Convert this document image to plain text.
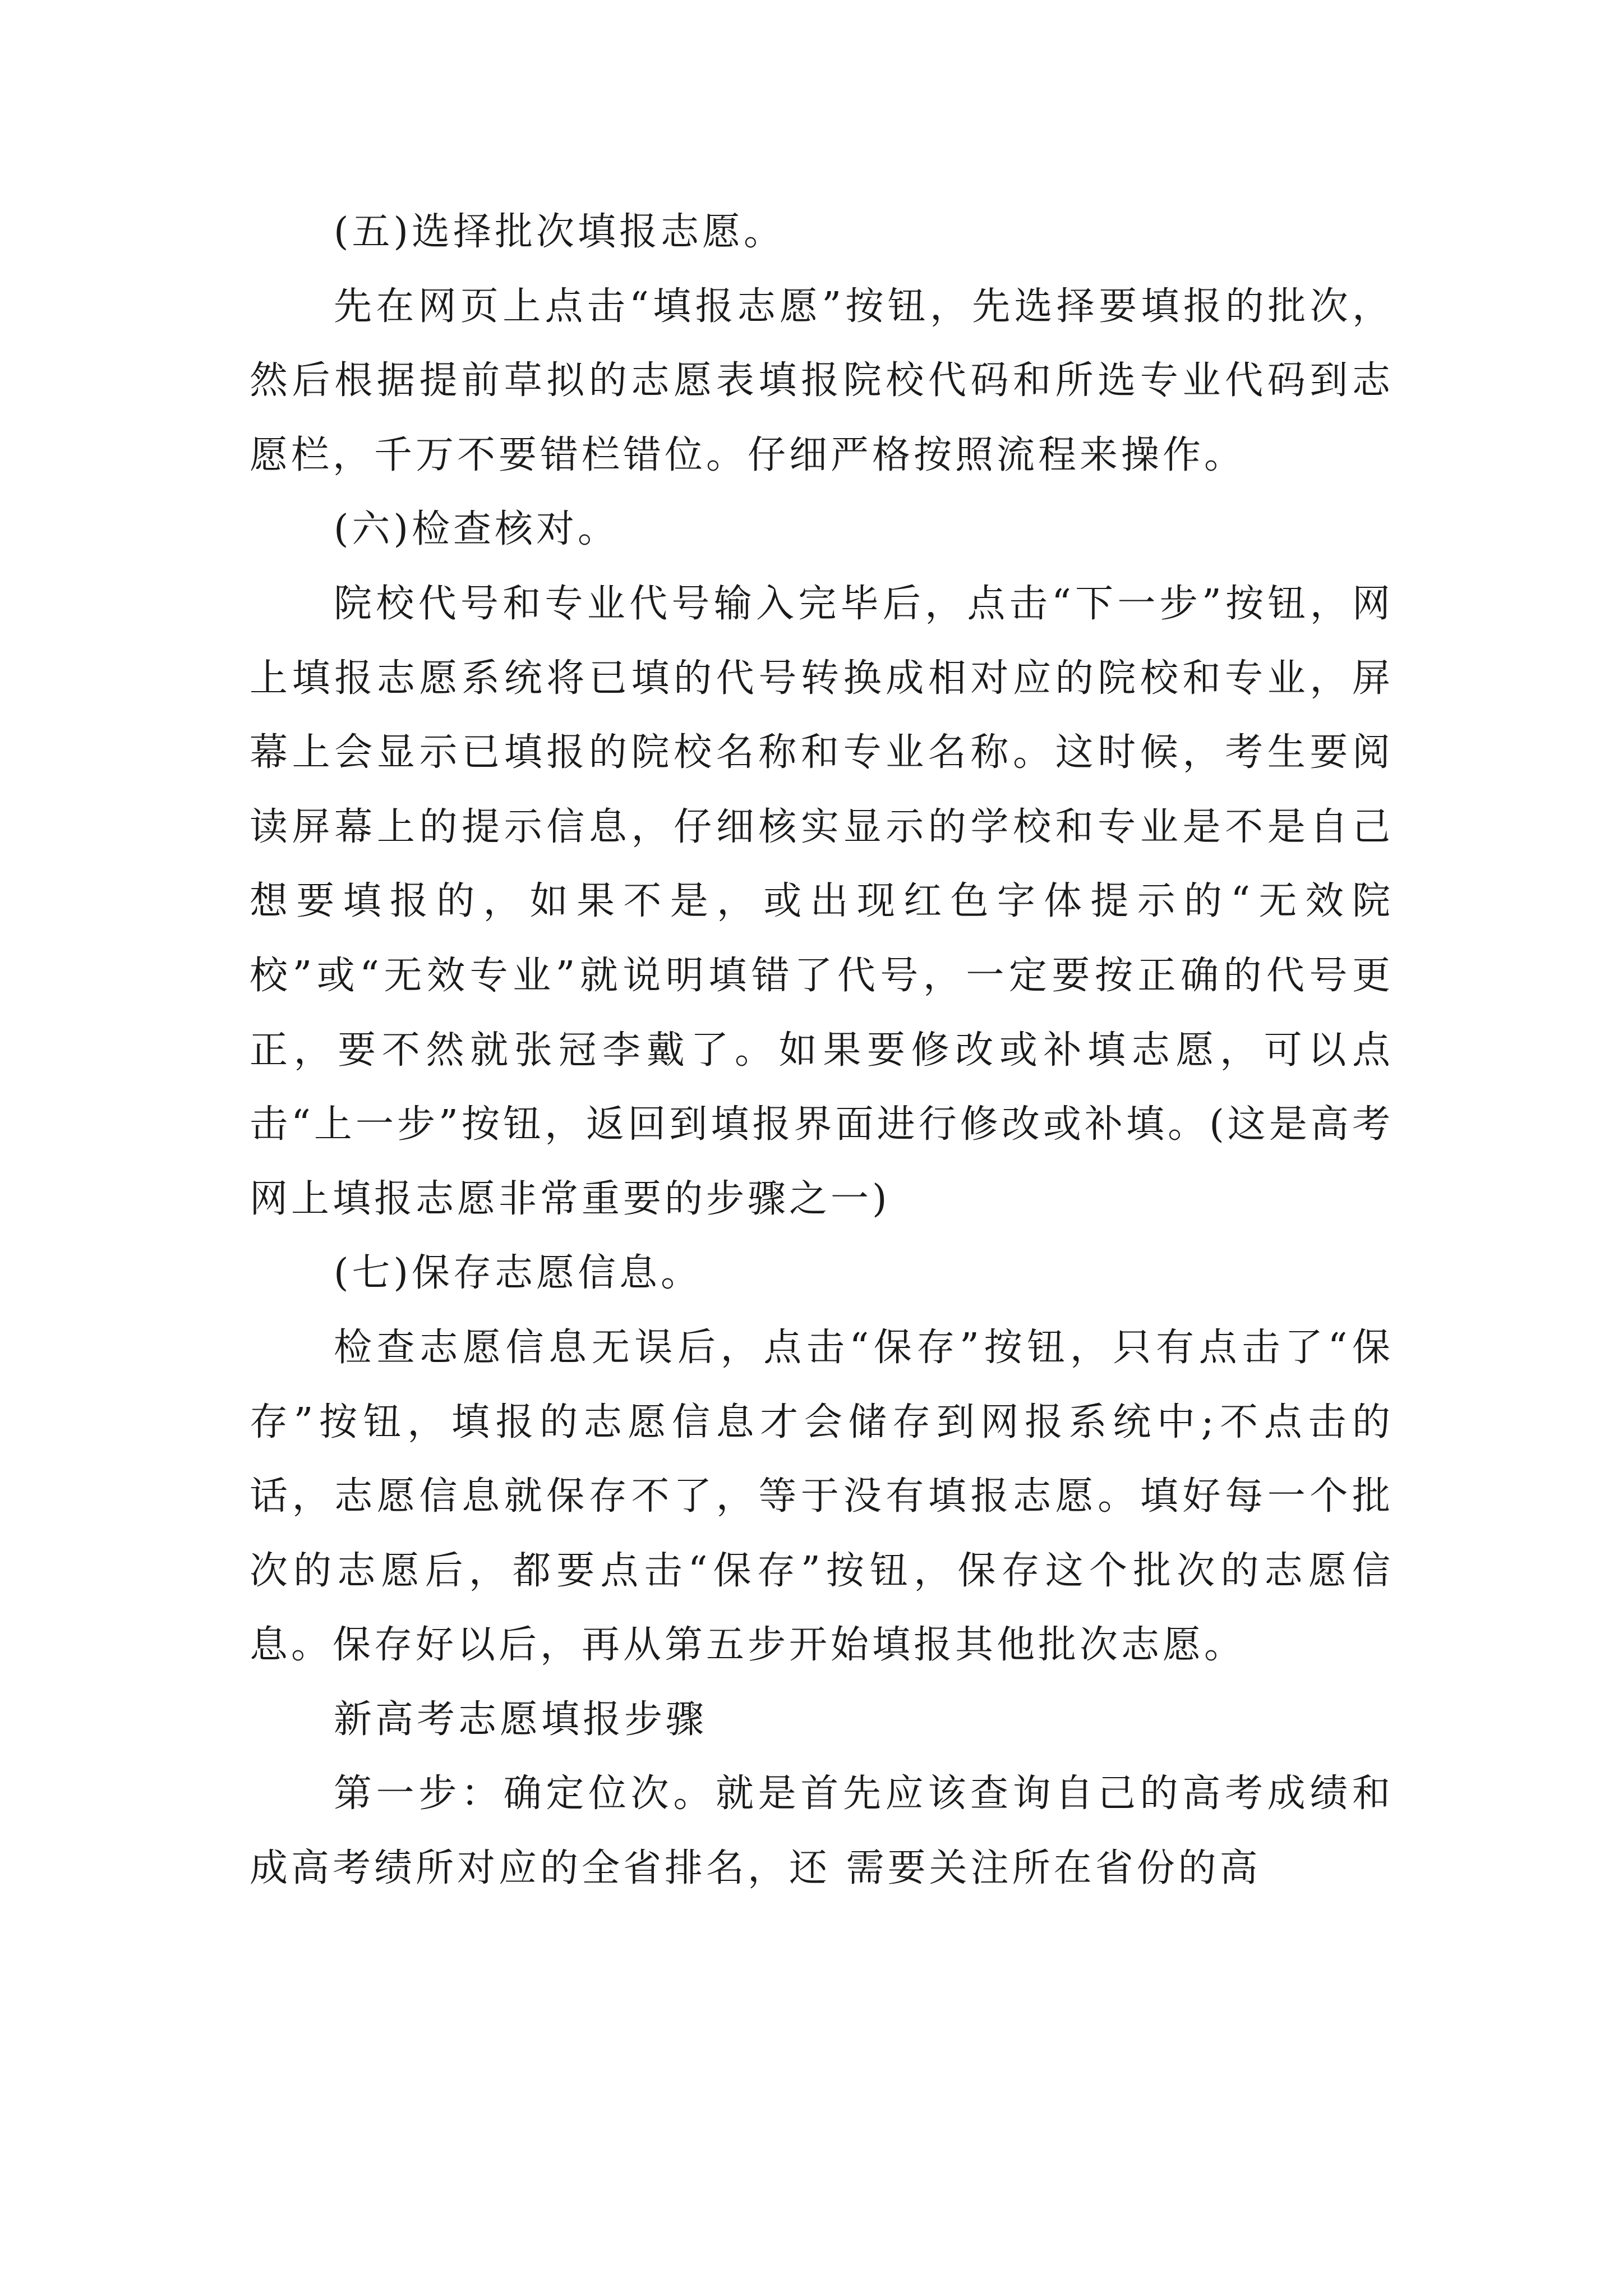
(五)选择批次填报志愿。

先在网页上点击“填报志愿”按钮，先选择要填报的批次，然后根据提前草拟的志愿表填报院校代码和所选专业代码到志愿栏，千万不要错栏错位。仔细严格按照流程来操作。

(六)检查核对。

院校代号和专业代号输入完毕后，点击“下一步”按钮，网上填报志愿系统将已填的代号转换成相对应的院校和专业，屏幕上会显示已填报的院校名称和专业名称。这时候，考生要阅读屏幕上的提示信息，仔细核实显示的学校和专业是不是自己想要填报的，如果不是，或出现红色字体提示的“无效院校”或“无效专业”就说明填错了代号，一定要按正确的代号更正，要不然就张冠李戴了。如果要修改或补填志愿，可以点击“上一步”按钮，返回到填报界面进行修改或补填。(这是高考网上填报志愿非常重要的步骤之一)

(七)保存志愿信息。

检查志愿信息无误后，点击“保存”按钮，只有点击了“保存”按钮，填报的志愿信息才会储存到网报系统中;不点击的话，志愿信息就保存不了，等于没有填报志愿。填好每一个批次的志愿后，都要点击“保存”按钮，保存这个批次的志愿信息。保存好以后，再从第五步开始填报其他批次志愿。

新高考志愿填报步骤

第一步：确定位次。就是首先应该查询自己的高考成绩和成高考绩所对应的全省排名，还 需要关注所在省份的高
